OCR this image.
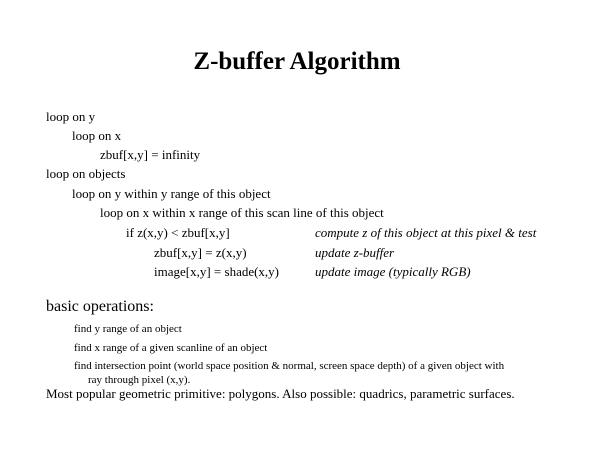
Z-buffer Algorithm
loop on y
loop on x
zbuf[x,y] = infinity
loop on objects
loop on y within y range of this object
loop on x within x range of this scan line of this object
if z(x,y) < zbuf[x,y]
zbuf[x,y] = z(x,y)
image[x,y] = shade(x,y)
compute z of this object at this pixel & test
update z-buffer
update image (typically RGB)
basic operations:
find y range of an object
find x range of a given scanline of an object
find intersection point (world space position & normal, screen space depth) of a given object with
ray through pixel (x,y).
Most popular geometric primitive: polygons. Also possible: quadrics, parametric surfaces.
